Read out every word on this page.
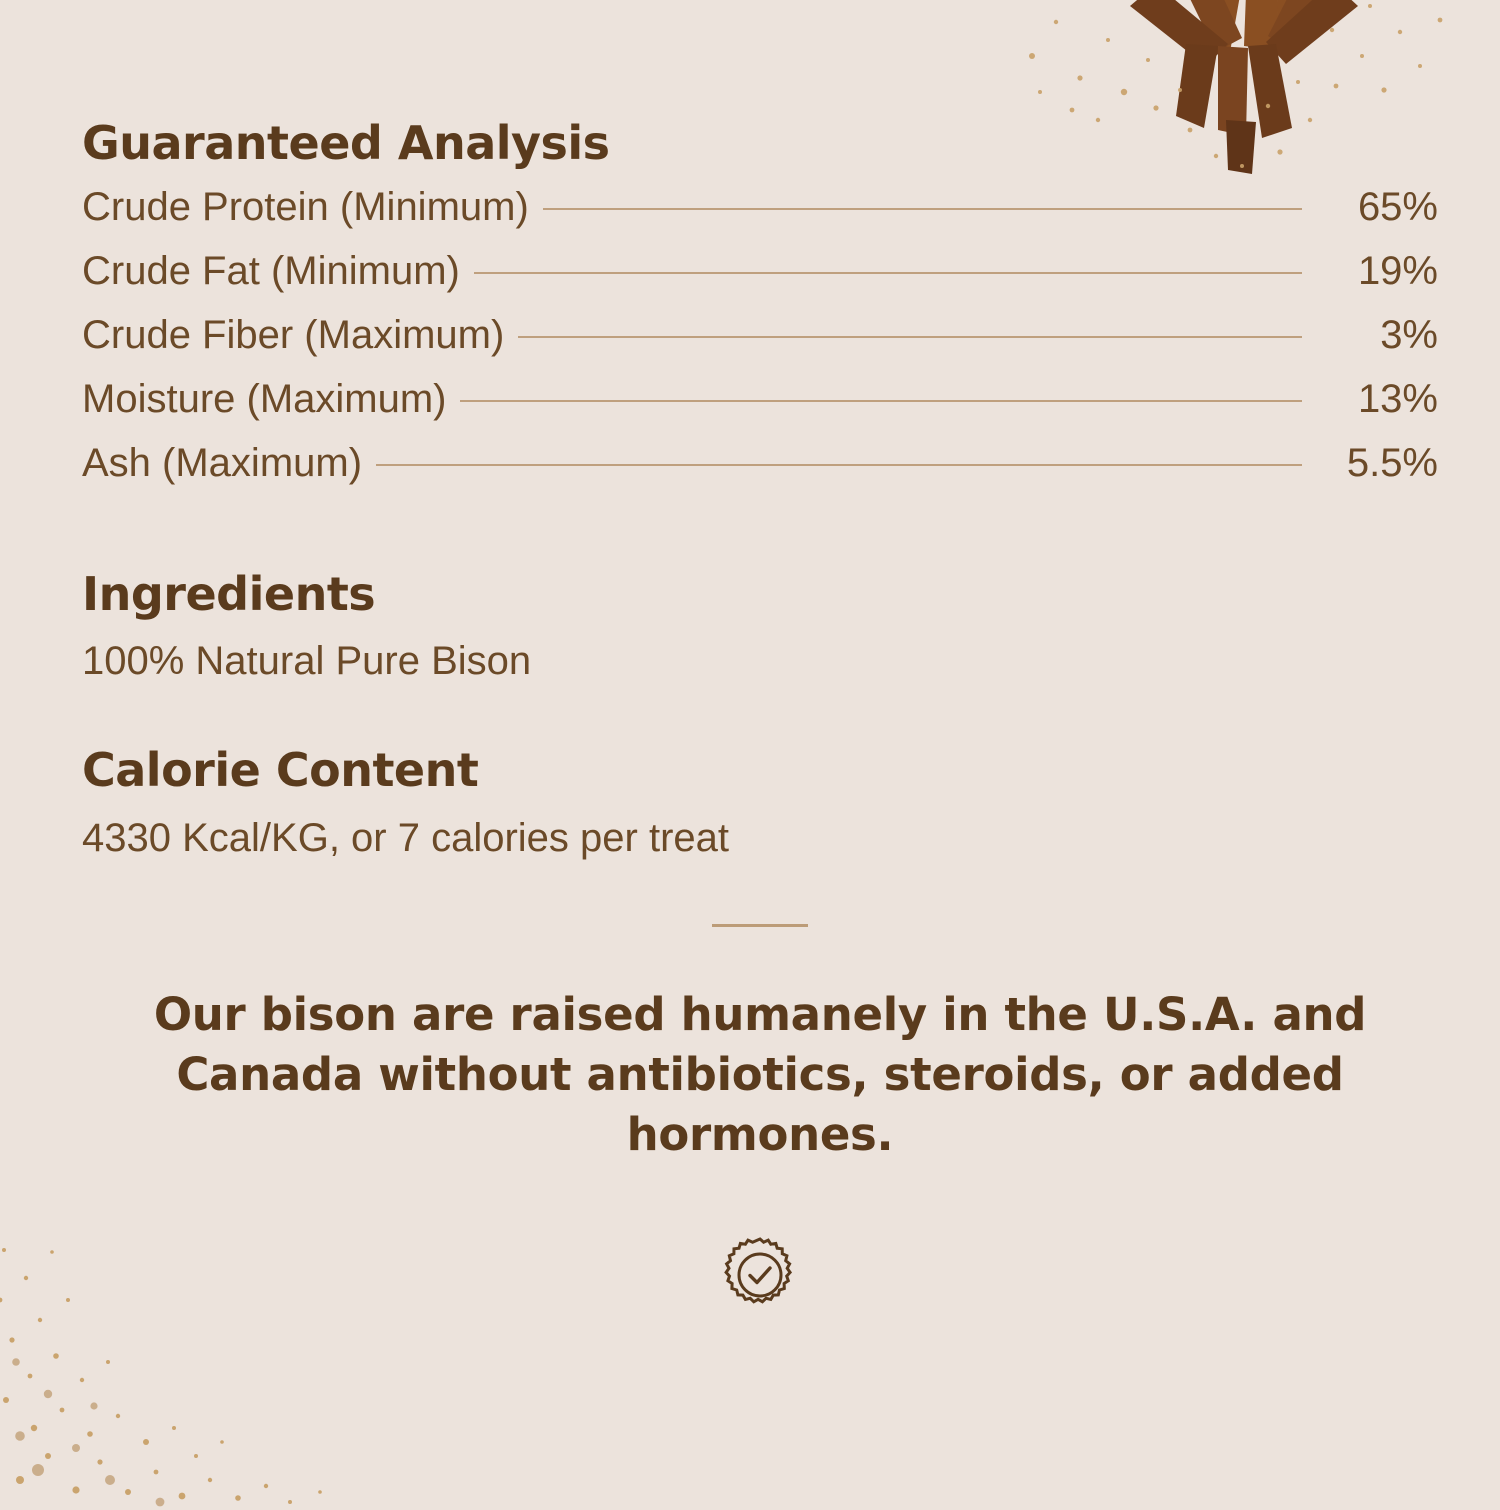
Guaranteed Analysis
Crude Protein (Minimum)	65%
Crude Fat (Minimum)	19%
Crude Fiber (Maximum)	3%
Moisture (Maximum)	13%
Ash (Maximum)	5.5%
Ingredients

100% Natural Pure Bison

Calorie Content

4330 Kcal/KG, or 7 calories per treat

Our bison are raised humanely in the U.S.A. and Canada without antibiotics, steroids, or added hormones.
